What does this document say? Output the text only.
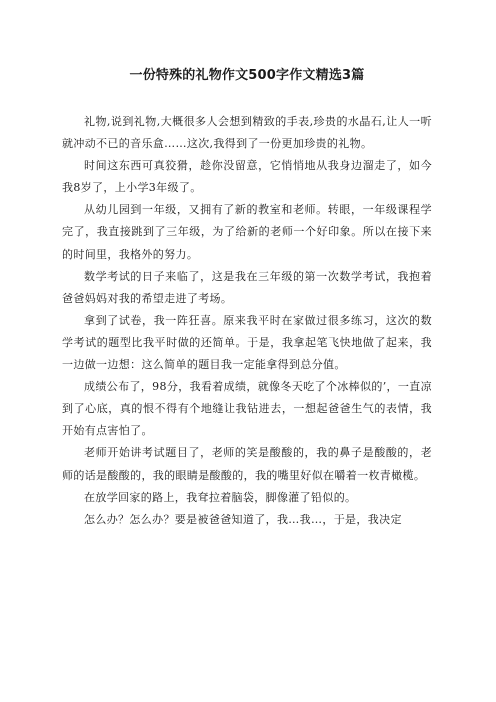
一份特殊的礼物作文500字作文精选3篇

礼物,说到礼物,大概很多人会想到精致的手表,珍贵的水晶石,让人一听就冲动不已的音乐盒……这次,我得到了一份更加珍贵的礼物。

时间这东西可真狡猾，趁你没留意，它悄悄地从我身边溜走了，如今我8岁了，上小学3年级了。

从幼儿园到一年级，又拥有了新的教室和老师。转眼，一年级课程学完了，我直接跳到了三年级，为了给新的老师一个好印象。所以在接下来的时间里，我格外的努力。

数学考试的日子来临了，这是我在三年级的第一次数学考试，我抱着爸爸妈妈对我的希望走进了考场。

拿到了试卷，我一阵狂喜。原来我平时在家做过很多练习，这次的数学考试的题型比我平时做的还简单。于是，我拿起笔飞快地做了起来，我一边做一边想：这么简单的题目我一定能拿得到总分值。

成绩公布了，98分，我看着成绩，就像冬天吃了个冰棒似的’，一直凉到了心底，真的恨不得有个地缝让我钻进去，一想起爸爸生气的表情，我开始有点害怕了。

老师开始讲考试题目了，老师的笑是酸酸的，我的鼻子是酸酸的，老师的话是酸酸的，我的眼睛是酸酸的，我的嘴里好似在嚼着一枚青橄榄。

在放学回家的路上，我耷拉着脑袋，脚像灌了铅似的。

怎么办？怎么办？要是被爸爸知道了，我…我…，于是，我决定
